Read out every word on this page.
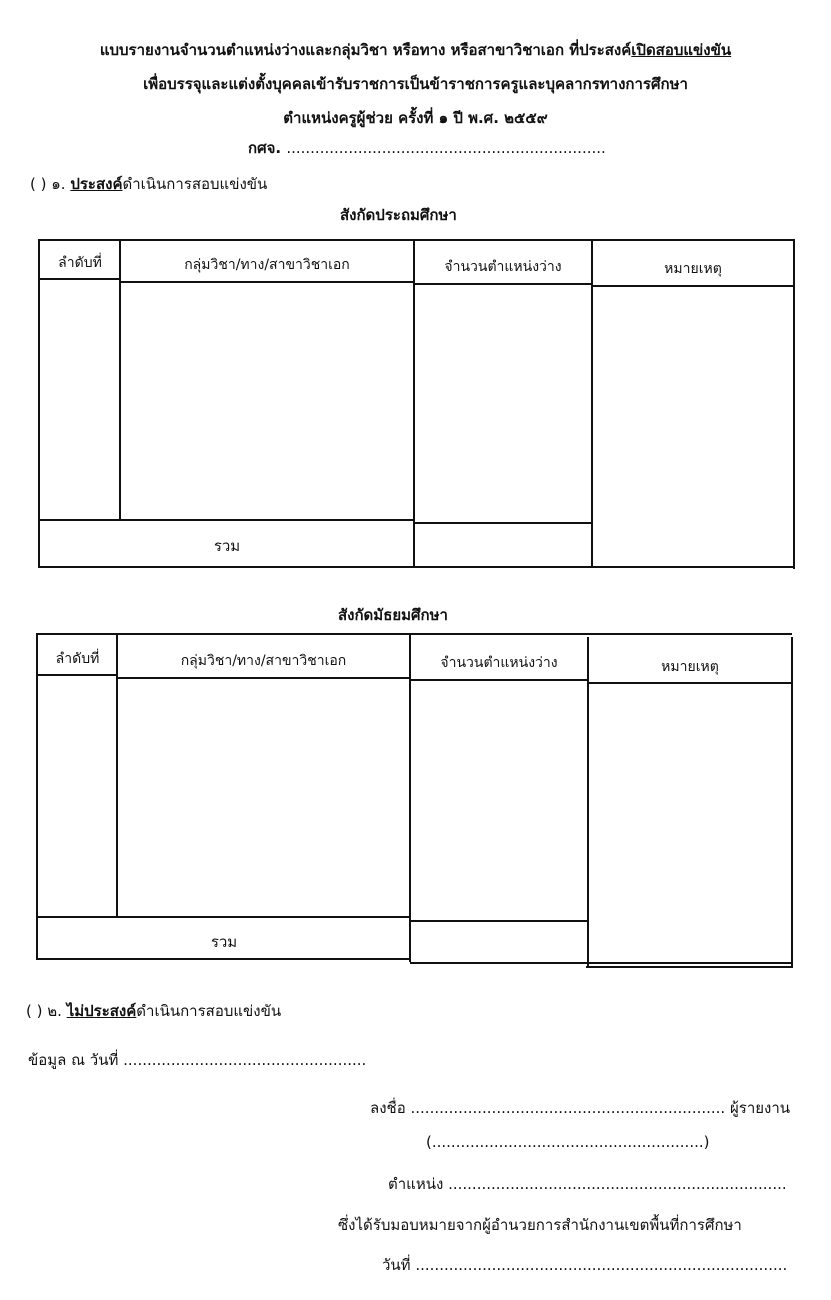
แบบรายงานจำนวนตำแหน่งว่างและกลุ่มวิชา หรือทาง หรือสาขาวิชาเอก ที่ประสงค์เปิดสอบแข่งขัน
เพื่อบรรจุและแต่งตั้งบุคคลเข้ารับราชการเป็นข้าราชการครูและบุคลากรทางการศึกษา
ตำแหน่งครูผู้ช่วย ครั้งที่ ๑ ปี พ.ศ. ๒๕๕๙
กศจ. ...................................................................
( ) ๑. ประสงค์ดำเนินการสอบแข่งขัน
สังกัดประถมศึกษา
ลำดับที่	กลุ่มวิชา/ทาง/สาขาวิชาเอก	จำนวนตำแหน่งว่าง	หมายเหตุ
รวม
สังกัดมัธยมศึกษา
ลำดับที่	กลุ่มวิชา/ทาง/สาขาวิชาเอก	จำนวนตำแหน่งว่าง	หมายเหตุ
รวม
( ) ๒. ไม่ประสงค์ดำเนินการสอบแข่งขัน
ข้อมูล ณ วันที่ ...................................................
ลงชื่อ .................................................................. ผู้รายงาน
(.........................................................)
ตำแหน่ง .......................................................................
ซึ่งได้รับมอบหมายจากผู้อำนวยการสำนักงานเขตพื้นที่การศึกษา
วันที่ ..............................................................................
